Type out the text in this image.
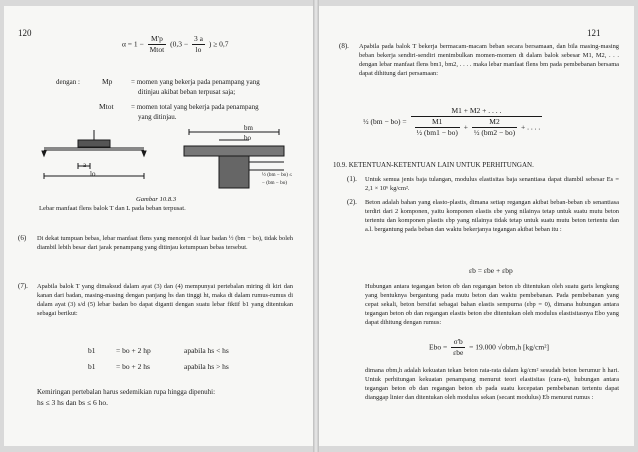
120
$\alpha = 1 - \frac{M'p}{\text{Mtot}} (0,3 - \frac{3 a}{lo}$ ) ≥ 0,7
dengan :	Mp	= momen yang bekerja pada penampang yang
ditinjau akibat beban terpusat saja;
Mtot = momen total yang bekerja pada penampang
yang ditinjau.
a
lo
bm
bo
½ (bm − bo) ≤
− (bm − bo)
Gambar 10.8.3
Lebar manfaat flens balok T dan L pada beban terpusat.
(6) Di dekat tumpuan bebas, lebar manfaat flens yang menonjol di luar badan ½ (bm − bo), tidak boleh diambil lebih besar dari jarak penampang yang ditinjau ketumpuan bebas tersebut.
(7). Apabila balok T yang dimaksud dalam ayat (3) dan (4) mempunyai pertebalan miring di kiri dan kanan dari badan, masing-masing dengan panjang hs dan tinggi ht, maka di dalam rumus-rumus di dalam ayat (3) s/d (5) lebar badan bo dapat diganti dengan suatu lebar fiktif b1 yang ditentukan sebagai berikut:
b1	= bo + 2 hp	apabila hs < hs
b1	= bo + 2 hs	apabila hs > hs
Kemiringan pertebalan harus sedemikian rupa hingga dipenuhi:
hs ≤ 3 hs dan bs ≤ 6 ho.
121
(8). Apabila pada balok T bekerja bermacam-macam beban secara bersamaan, dan bila masing-masing beban bekerja sendiri-sendiri menimbulkan momen-momen di dalam balok sebesar M1, M2, . . . dengan lebar manfaat flens bm1, bm2, . . . . maka lebar manfaat flens bm pada pembebanan bersama dapat dihitung dari persamaan:
½ (bm − bo) =
M1 + M2 + . . . .
$\frac{M1}{\text{½ (bm1 − bo)}} + \frac{M2}{\text{½ (bm2 − bo)}}$ + . . . .
10.9. KETENTUAN-KETENTUAN LAIN UNTUK PERHITUNGAN.
(1). Untuk semua jenis baja tulangan, modulus elastisitas baja senantiasa dapat diambil sebesar Es = 2,1 × 10⁶ kg/cm².
(2). Beton adalah bahan yang elasto-plastis, dimana setiap regangan akibat beban-beban εb senantiasa terdiri dari 2 komponen, yaitu komponen elastis εbe yang nilainya tetap untuk suatu mutu beton tertentu dan komponen plastis εbp yang nilainya tidak tetap untuk suatu mutu beton tertentu dan a.l. bergantung pada beban dan waktu bekerjanya tegangan akibat beban itu :
εb = εbe + εbp
Hubungan antara tegangan beton σb dan regangan beton εb ditentukan oleh suatu garis lengkung yang bentuknya bergantung pada mutu beton dan waktu pembebanan. Pada pembebanan yang cepat sekali, beton bersifat sebagai bahan elastis sempurna (εbp = 0), dimana hubungan antara tegangan beton σb dan regangan elastis beton εbe ditentukan oleh modulus elastisitasnya Ebo yang dapat dihitung dengan rumus:
Ebo = $\frac{\sigma'b}{\text{εbe}} = 19.000$ √σbm,h [kg/cm²]
dimana σbm,h adalah kekuatan tekan beton rata-rata dalam kg/cm² sesudah beton berumur h hari. Untuk perhitungan kekuatan penampang menurut teori elastisitas (cara-n), hubungan antara tegangan beton σb dan regangan beton εb pada suatu kecepatan pembebanan tertentu dapat dianggap linier dan ditentukan oleh modulus sekan (secant modulus) Eb menurut rumus :
